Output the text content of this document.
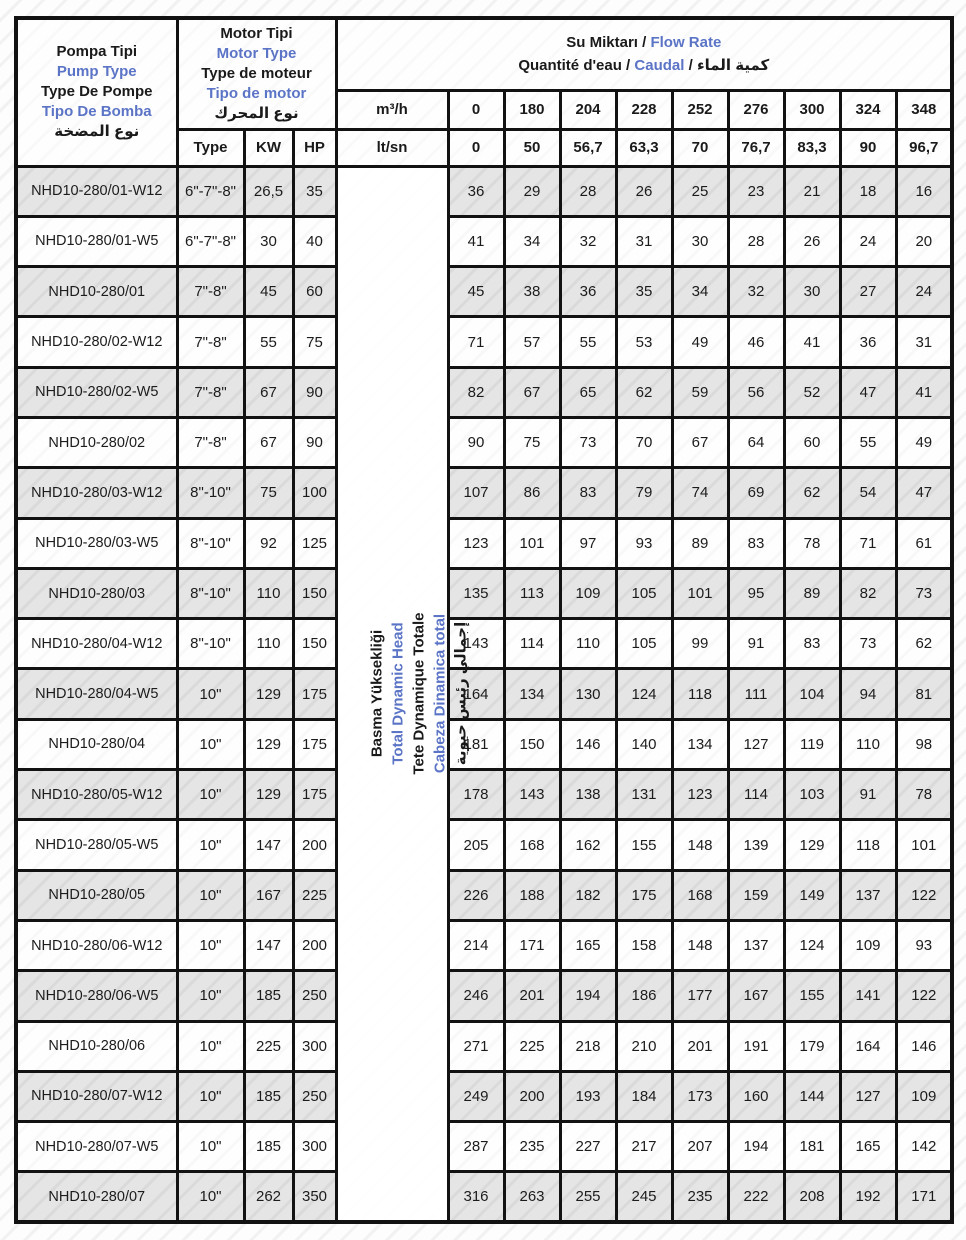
Pompa Tipi
Pump Type
Type De Pompe
Tipo De Bomba
نوع المضخة

Motor Tipi
Motor Type
Type de moteur
Tipo de motor
نوع المحرك

Su Miktarı / Flow Rate
Quantité d'eau / Caudal / كمية الماء

				m³/h	0	180	204	228	252	276	300	324	348
	Type	KW	HP	lt/sn	0	50	56,7	63,3	70	76,7	83,3	90	96,7
NHD10-280/01-W12	6"-7"-8"	26,5	35	Basma Yüksekliği Total Dynamic Head Tete Dynamique Totale Cabeza Dinamica total إجمالي رئيس حيوية	36	29	28	26	25	23	21	18	16
NHD10-280/01-W5	6"-7"-8"	30	40		41	34	32	31	30	28	26	24	20
NHD10-280/01	7"-8"	45	60		45	38	36	35	34	32	30	27	24
NHD10-280/02-W12	7"-8"	55	75		71	57	55	53	49	46	41	36	31
NHD10-280/02-W5	7"-8"	67	90		82	67	65	62	59	56	52	47	41
NHD10-280/02	7"-8"	67	90		90	75	73	70	67	64	60	55	49
NHD10-280/03-W12	8"-10"	75	100		107	86	83	79	74	69	62	54	47
NHD10-280/03-W5	8"-10"	92	125		123	101	97	93	89	83	78	71	61
NHD10-280/03	8"-10"	110	150		135	113	109	105	101	95	89	82	73
NHD10-280/04-W12	8"-10"	110	150		143	114	110	105	99	91	83	73	62
NHD10-280/04-W5	10"	129	175		164	134	130	124	118	111	104	94	81
NHD10-280/04	10"	129	175		181	150	146	140	134	127	119	110	98
NHD10-280/05-W12	10"	129	175		178	143	138	131	123	114	103	91	78
NHD10-280/05-W5	10"	147	200		205	168	162	155	148	139	129	118	101
NHD10-280/05	10"	167	225		226	188	182	175	168	159	149	137	122
NHD10-280/06-W12	10"	147	200		214	171	165	158	148	137	124	109	93
NHD10-280/06-W5	10"	185	250		246	201	194	186	177	167	155	141	122
NHD10-280/06	10"	225	300		271	225	218	210	201	191	179	164	146
NHD10-280/07-W12	10"	185	250		249	200	193	184	173	160	144	127	109
NHD10-280/07-W5	10"	185	300		287	235	227	217	207	194	181	165	142
NHD10-280/07	10"	262	350		316	263	255	245	235	222	208	192	171
